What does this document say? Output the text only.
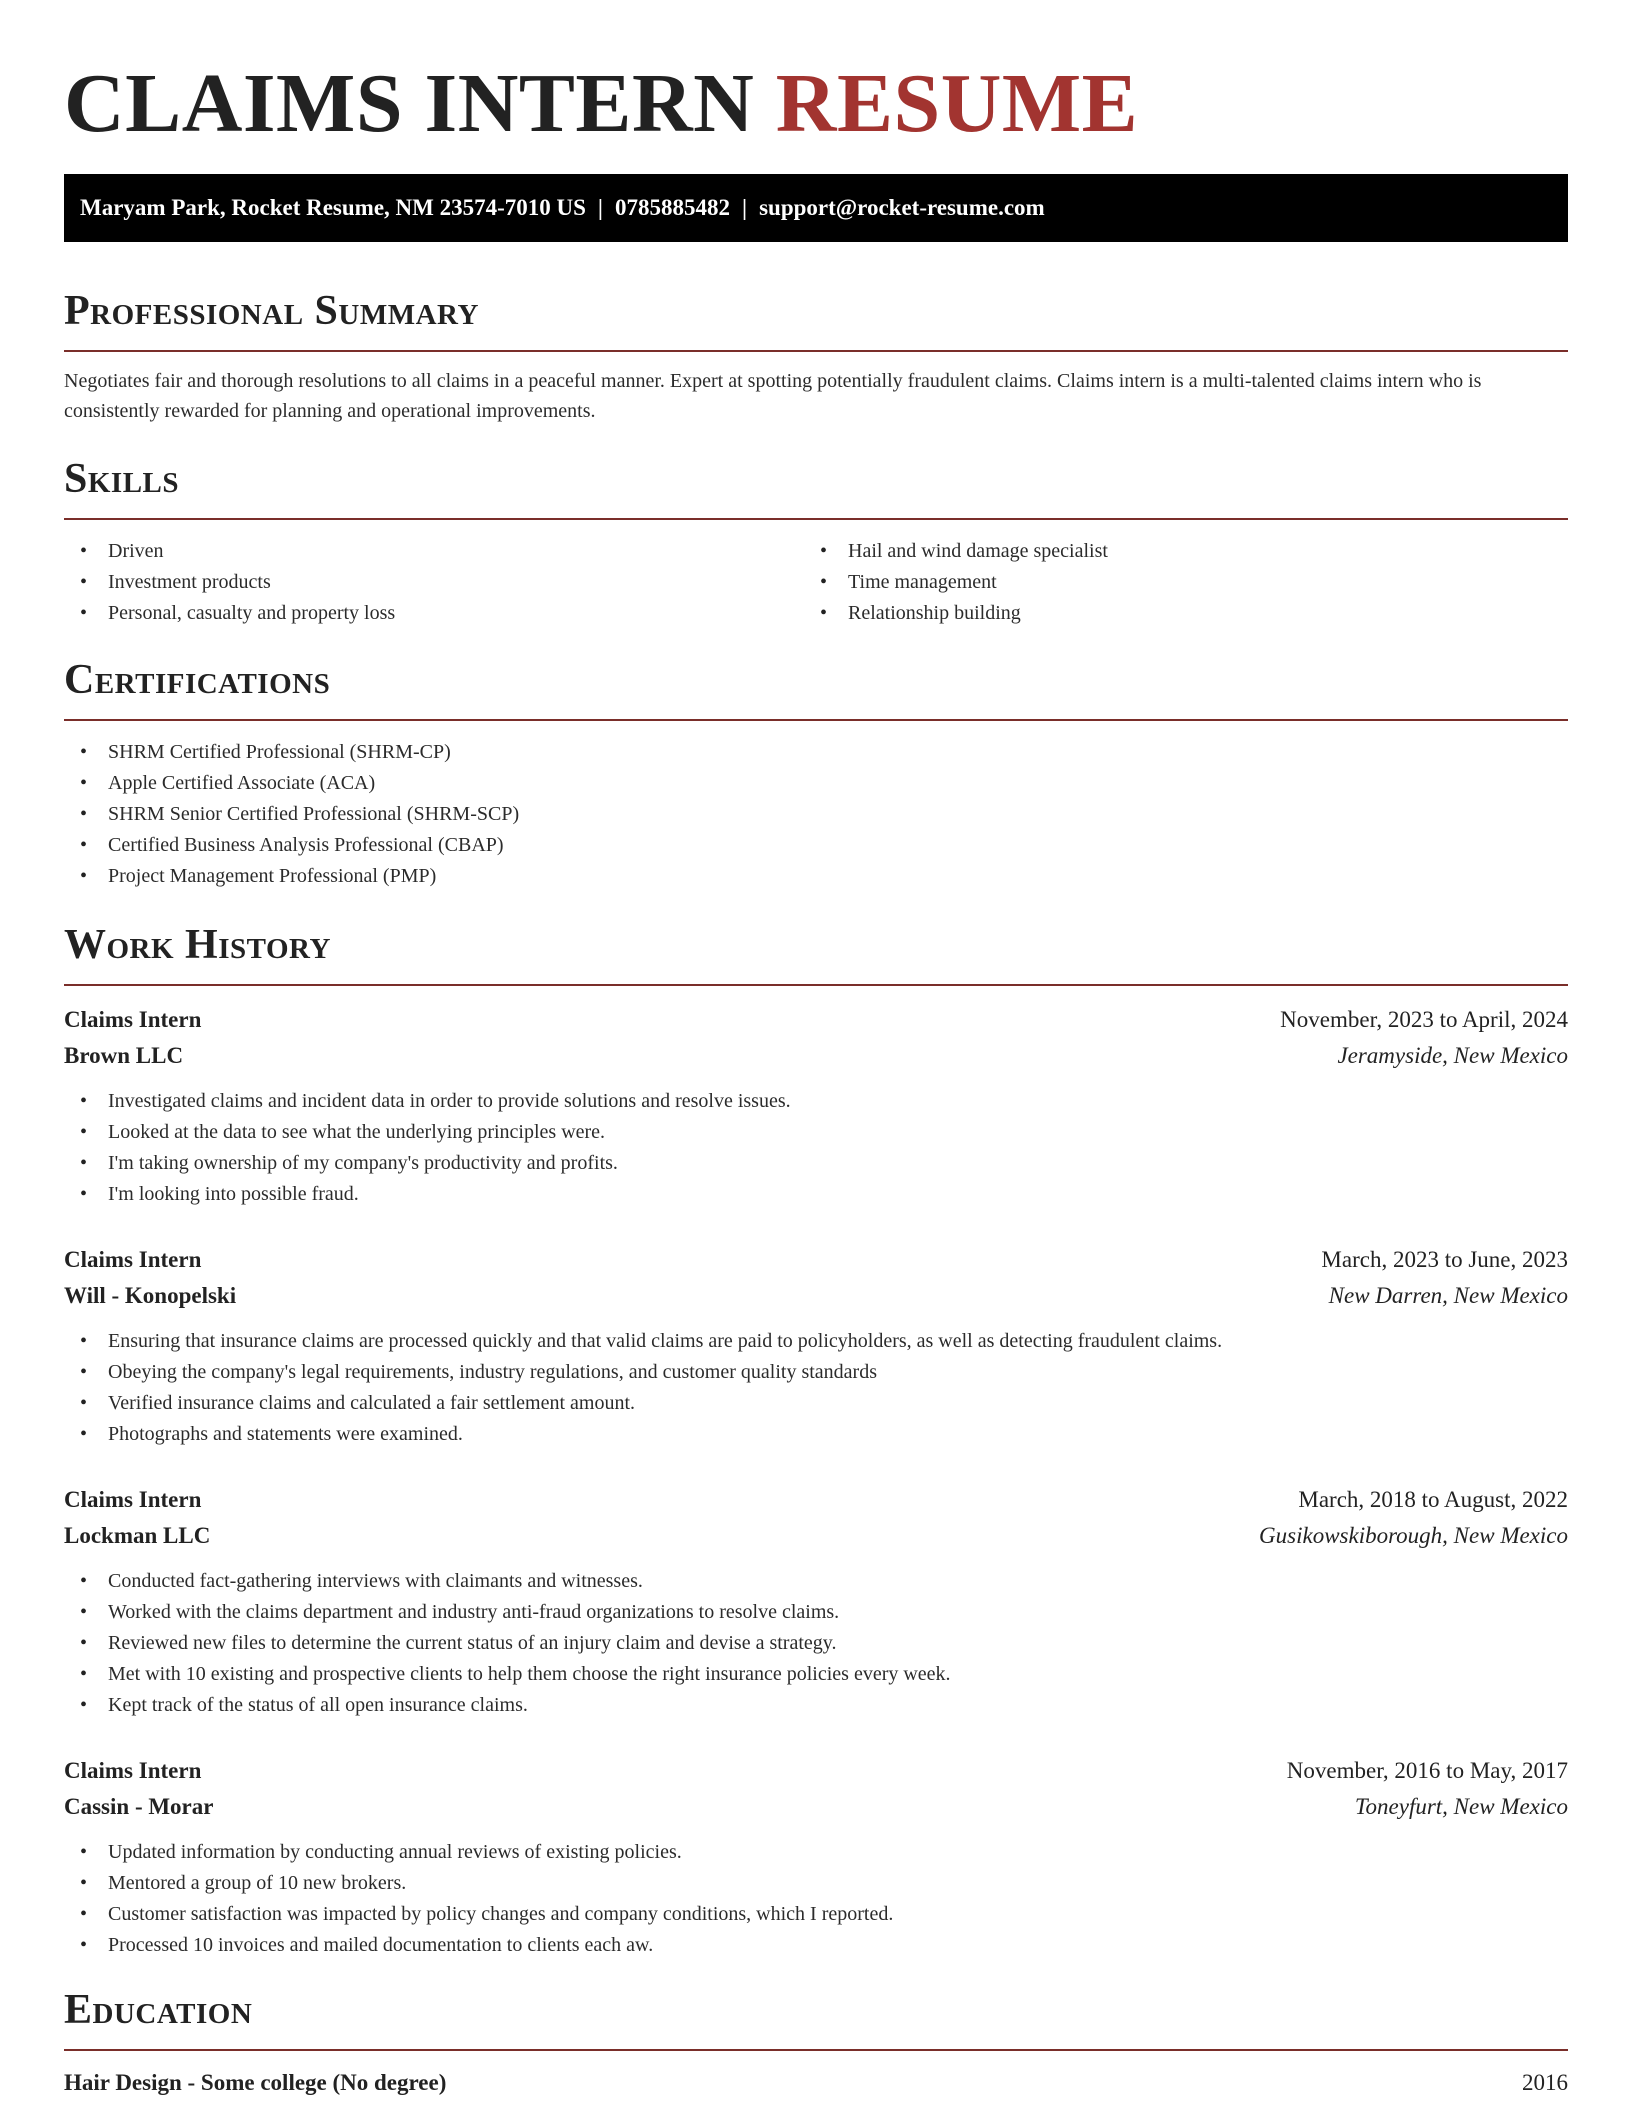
CLAIMS INTERN RESUME
Maryam Park, Rocket Resume, NM 23574-7010 US | 0785885482 | support@rocket-resume.com
Professional Summary

Negotiates fair and thorough resolutions to all claims in a peaceful manner. Expert at spotting potentially fraudulent claims. Claims intern is a multi-talented claims intern who is consistently rewarded for planning and operational improvements.

Skills
• Driven
• Investment products
• Personal, casualty and property loss
• Hail and wind damage specialist
• Time management
• Relationship building
Certifications
• SHRM Certified Professional (SHRM-CP)
• Apple Certified Associate (ACA)
• SHRM Senior Certified Professional (SHRM-SCP)
• Certified Business Analysis Professional (CBAP)
• Project Management Professional (PMP)
Work History
Claims Intern	November, 2023 to April, 2024
Brown LLC	Jeramyside, New Mexico
• Investigated claims and incident data in order to provide solutions and resolve issues.
• Looked at the data to see what the underlying principles were.
• I'm taking ownership of my company's productivity and profits.
• I'm looking into possible fraud.
Claims Intern	March, 2023 to June, 2023
Will - Konopelski	New Darren, New Mexico
• Ensuring that insurance claims are processed quickly and that valid claims are paid to policyholders, as well as detecting fraudulent claims.
• Obeying the company's legal requirements, industry regulations, and customer quality standards
• Verified insurance claims and calculated a fair settlement amount.
• Photographs and statements were examined.
Claims Intern	March, 2018 to August, 2022
Lockman LLC	Gusikowskiborough, New Mexico
• Conducted fact-gathering interviews with claimants and witnesses.
• Worked with the claims department and industry anti-fraud organizations to resolve claims.
• Reviewed new files to determine the current status of an injury claim and devise a strategy.
• Met with 10 existing and prospective clients to help them choose the right insurance policies every week.
• Kept track of the status of all open insurance claims.
Claims Intern	November, 2016 to May, 2017
Cassin - Morar	Toneyfurt, New Mexico
• Updated information by conducting annual reviews of existing policies.
• Mentored a group of 10 new brokers.
• Customer satisfaction was impacted by policy changes and company conditions, which I reported.
• Processed 10 invoices and mailed documentation to clients each aw.
Education
Hair Design - Some college (No degree)	2016
